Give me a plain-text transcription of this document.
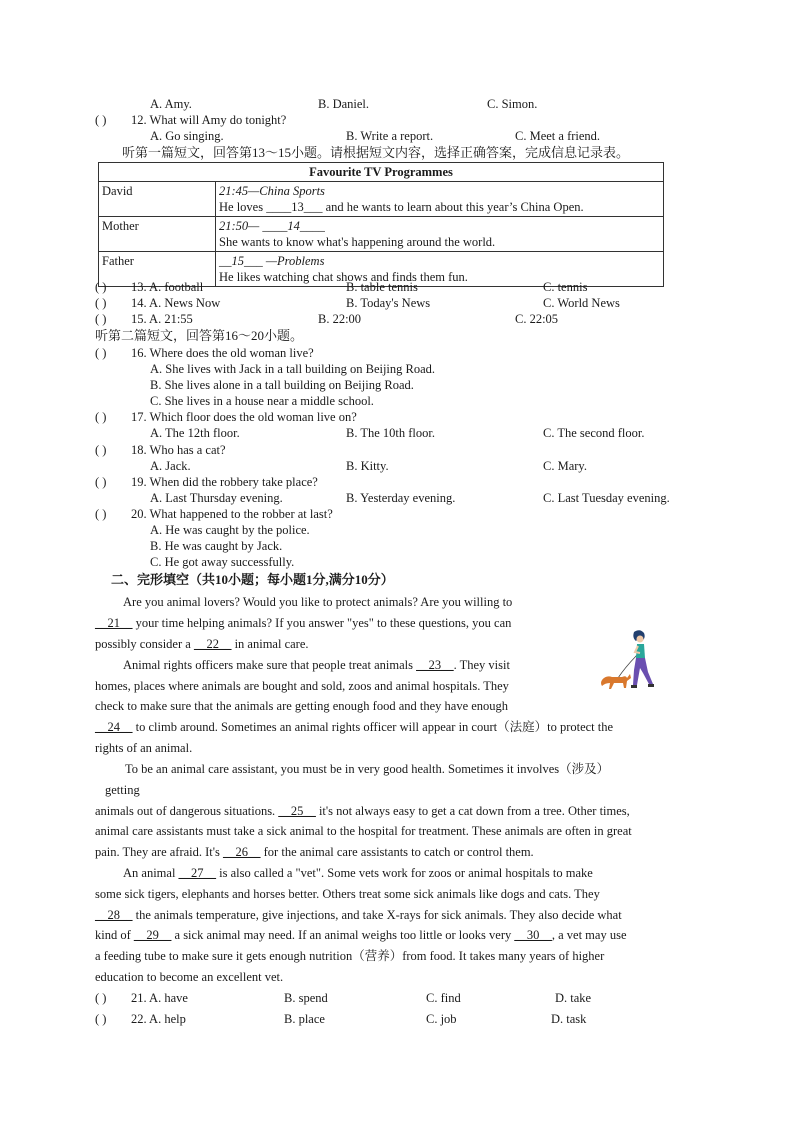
A. Amy.	B. Daniel.	C. Simon.
( ) 12. What will Amy do tonight?
A. Go singing.	B. Write a report.	C. Meet a friend.
听第一篇短文，回答第13～15小题。请根据短文内容，选择正确答案，完成信息记录表。
Favourite TV Programmes	
David	21:45—China Sports
He loves ____13___ and he wants to learn about this year’s China Open.

Mother	21:50— ____14____
She wants to know what's happening around the world.

Father	__15___ —Problems
He likes watching chat shows and finds them fun.
( ) 13. A. football	B. table tennis	C. tennis
( ) 14. A. News Now	B. Today's News	C. World News
( ) 15. A. 21:55	B. 22:00	C. 22:05
听第二篇短文，回答第16～20小题。
( ) 16. Where does the old woman live?
A. She lives with Jack in a tall building on Beijing Road.
B. She lives alone in a tall building on Beijing Road.
C. She lives in a house near a middle school.
( ) 17. Which floor does the old woman live on?
A. The 12th floor.	B. The 10th floor.	C. The second floor.
( ) 18. Who has a cat?
A. Jack.	B. Kitty.	C. Mary.
( ) 19. When did the robbery take place?
A. Last Thursday evening.	B. Yesterday evening.	C. Last Tuesday evening.
( ) 20. What happened to the robber at last?
A. He was caught by the police.
B. He was caught by Jack.
C. He got away successfully.
二、完形填空（共10小题；每小题1分,满分10分）
Are you animal lovers? Would you like to protect animals? Are you willing to
__21__ your time helping animals? If you answer "yes" to these questions, you can
possibly consider a __22__ in animal care.
Animal rights officers make sure that people treat animals __23__. They visit
homes, places where animals are bought and sold, zoos and animal hospitals. They
check to make sure that the animals are getting enough food and they have enough
__24__ to climb around. Sometimes an animal rights officer will appear in court（法庭）to protect the
rights of an animal.
To be an animal care assistant, you must be in very good health. Sometimes it involves（涉及）
getting
animals out of dangerous situations. __25__ it's not always easy to get a cat down from a tree. Other times,
animal care assistants must take a sick animal to the hospital for treatment. These animals are often in great
pain. They are afraid. It's __26__ for the animal care assistants to catch or control them.
An animal __27__ is also called a "vet". Some vets work for zoos or animal hospitals to make
some sick tigers, elephants and horses better. Others treat some sick animals like dogs and cats. They
__28__ the animals temperature, give injections, and take X-rays for sick animals. They also decide what
kind of __29__ a sick animal may need. If an animal weighs too little or looks very __30__, a vet may use
a feeding tube to make sure it gets enough nutrition（营养）from food. It takes many years of higher
education to become an excellent vet.
( ) 21. A. have	B. spend	C. find	D. take
( ) 22. A. help	B. place	C. job	D. task
